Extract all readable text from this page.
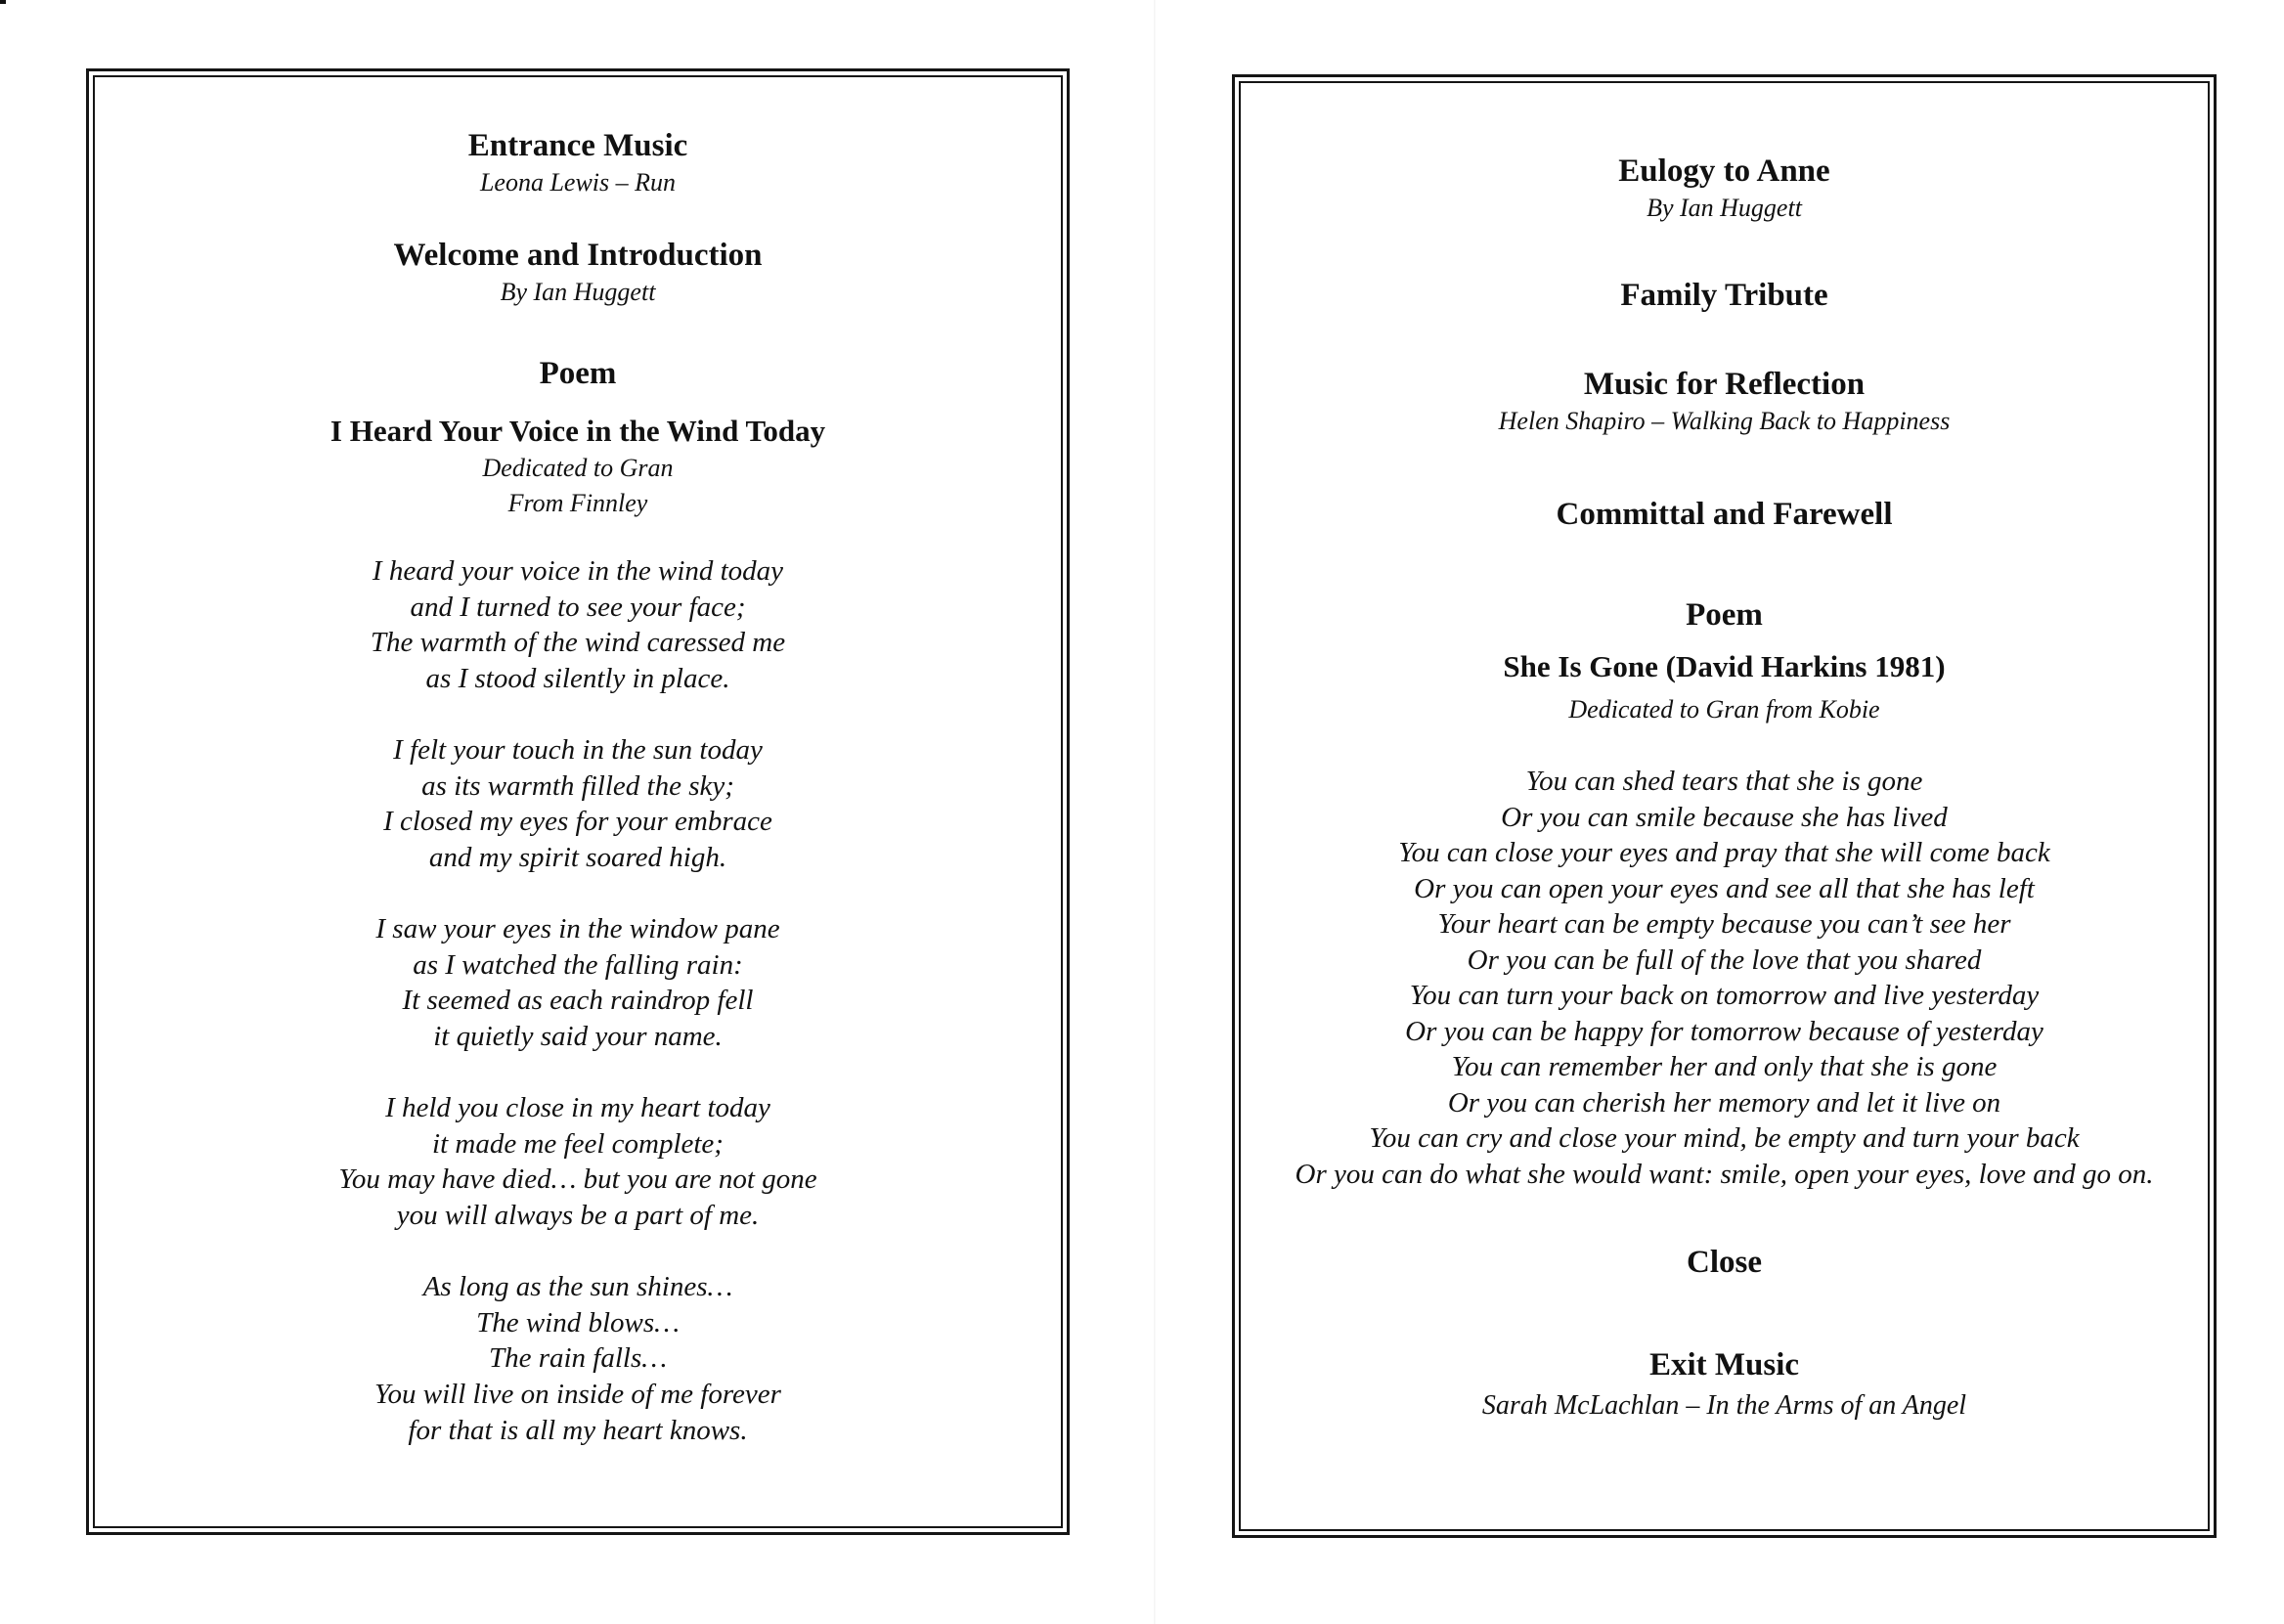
Entrance Music

Leona Lewis – Run

Welcome and Introduction

By Ian Huggett

Poem

I Heard Your Voice in the Wind Today

Dedicated to Gran

From Finnley

I heard your voice in the wind today

and I turned to see your face;

The warmth of the wind caressed me

as I stood silently in place.

I felt your touch in the sun today

as its warmth filled the sky;

I closed my eyes for your embrace

and my spirit soared high.

I saw your eyes in the window pane

as I watched the falling rain:

It seemed as each raindrop fell

it quietly said your name.

I held you close in my heart today

it made me feel complete;

You may have died… but you are not gone

you will always be a part of me.

As long as the sun shines…

The wind blows…

The rain falls…

You will live on inside of me forever

for that is all my heart knows.

Eulogy to Anne

By Ian Huggett

Family Tribute

Music for Reflection

Helen Shapiro – Walking Back to Happiness

Committal and Farewell

Poem

She Is Gone (David Harkins 1981)

Dedicated to Gran from Kobie

You can shed tears that she is gone

Or you can smile because she has lived

You can close your eyes and pray that she will come back

Or you can open your eyes and see all that she has left

Your heart can be empty because you can’t see her

Or you can be full of the love that you shared

You can turn your back on tomorrow and live yesterday

Or you can be happy for tomorrow because of yesterday

You can remember her and only that she is gone

Or you can cherish her memory and let it live on

You can cry and close your mind, be empty and turn your back

Or you can do what she would want: smile, open your eyes, love and go on.

Close

Exit Music

Sarah McLachlan – In the Arms of an Angel
